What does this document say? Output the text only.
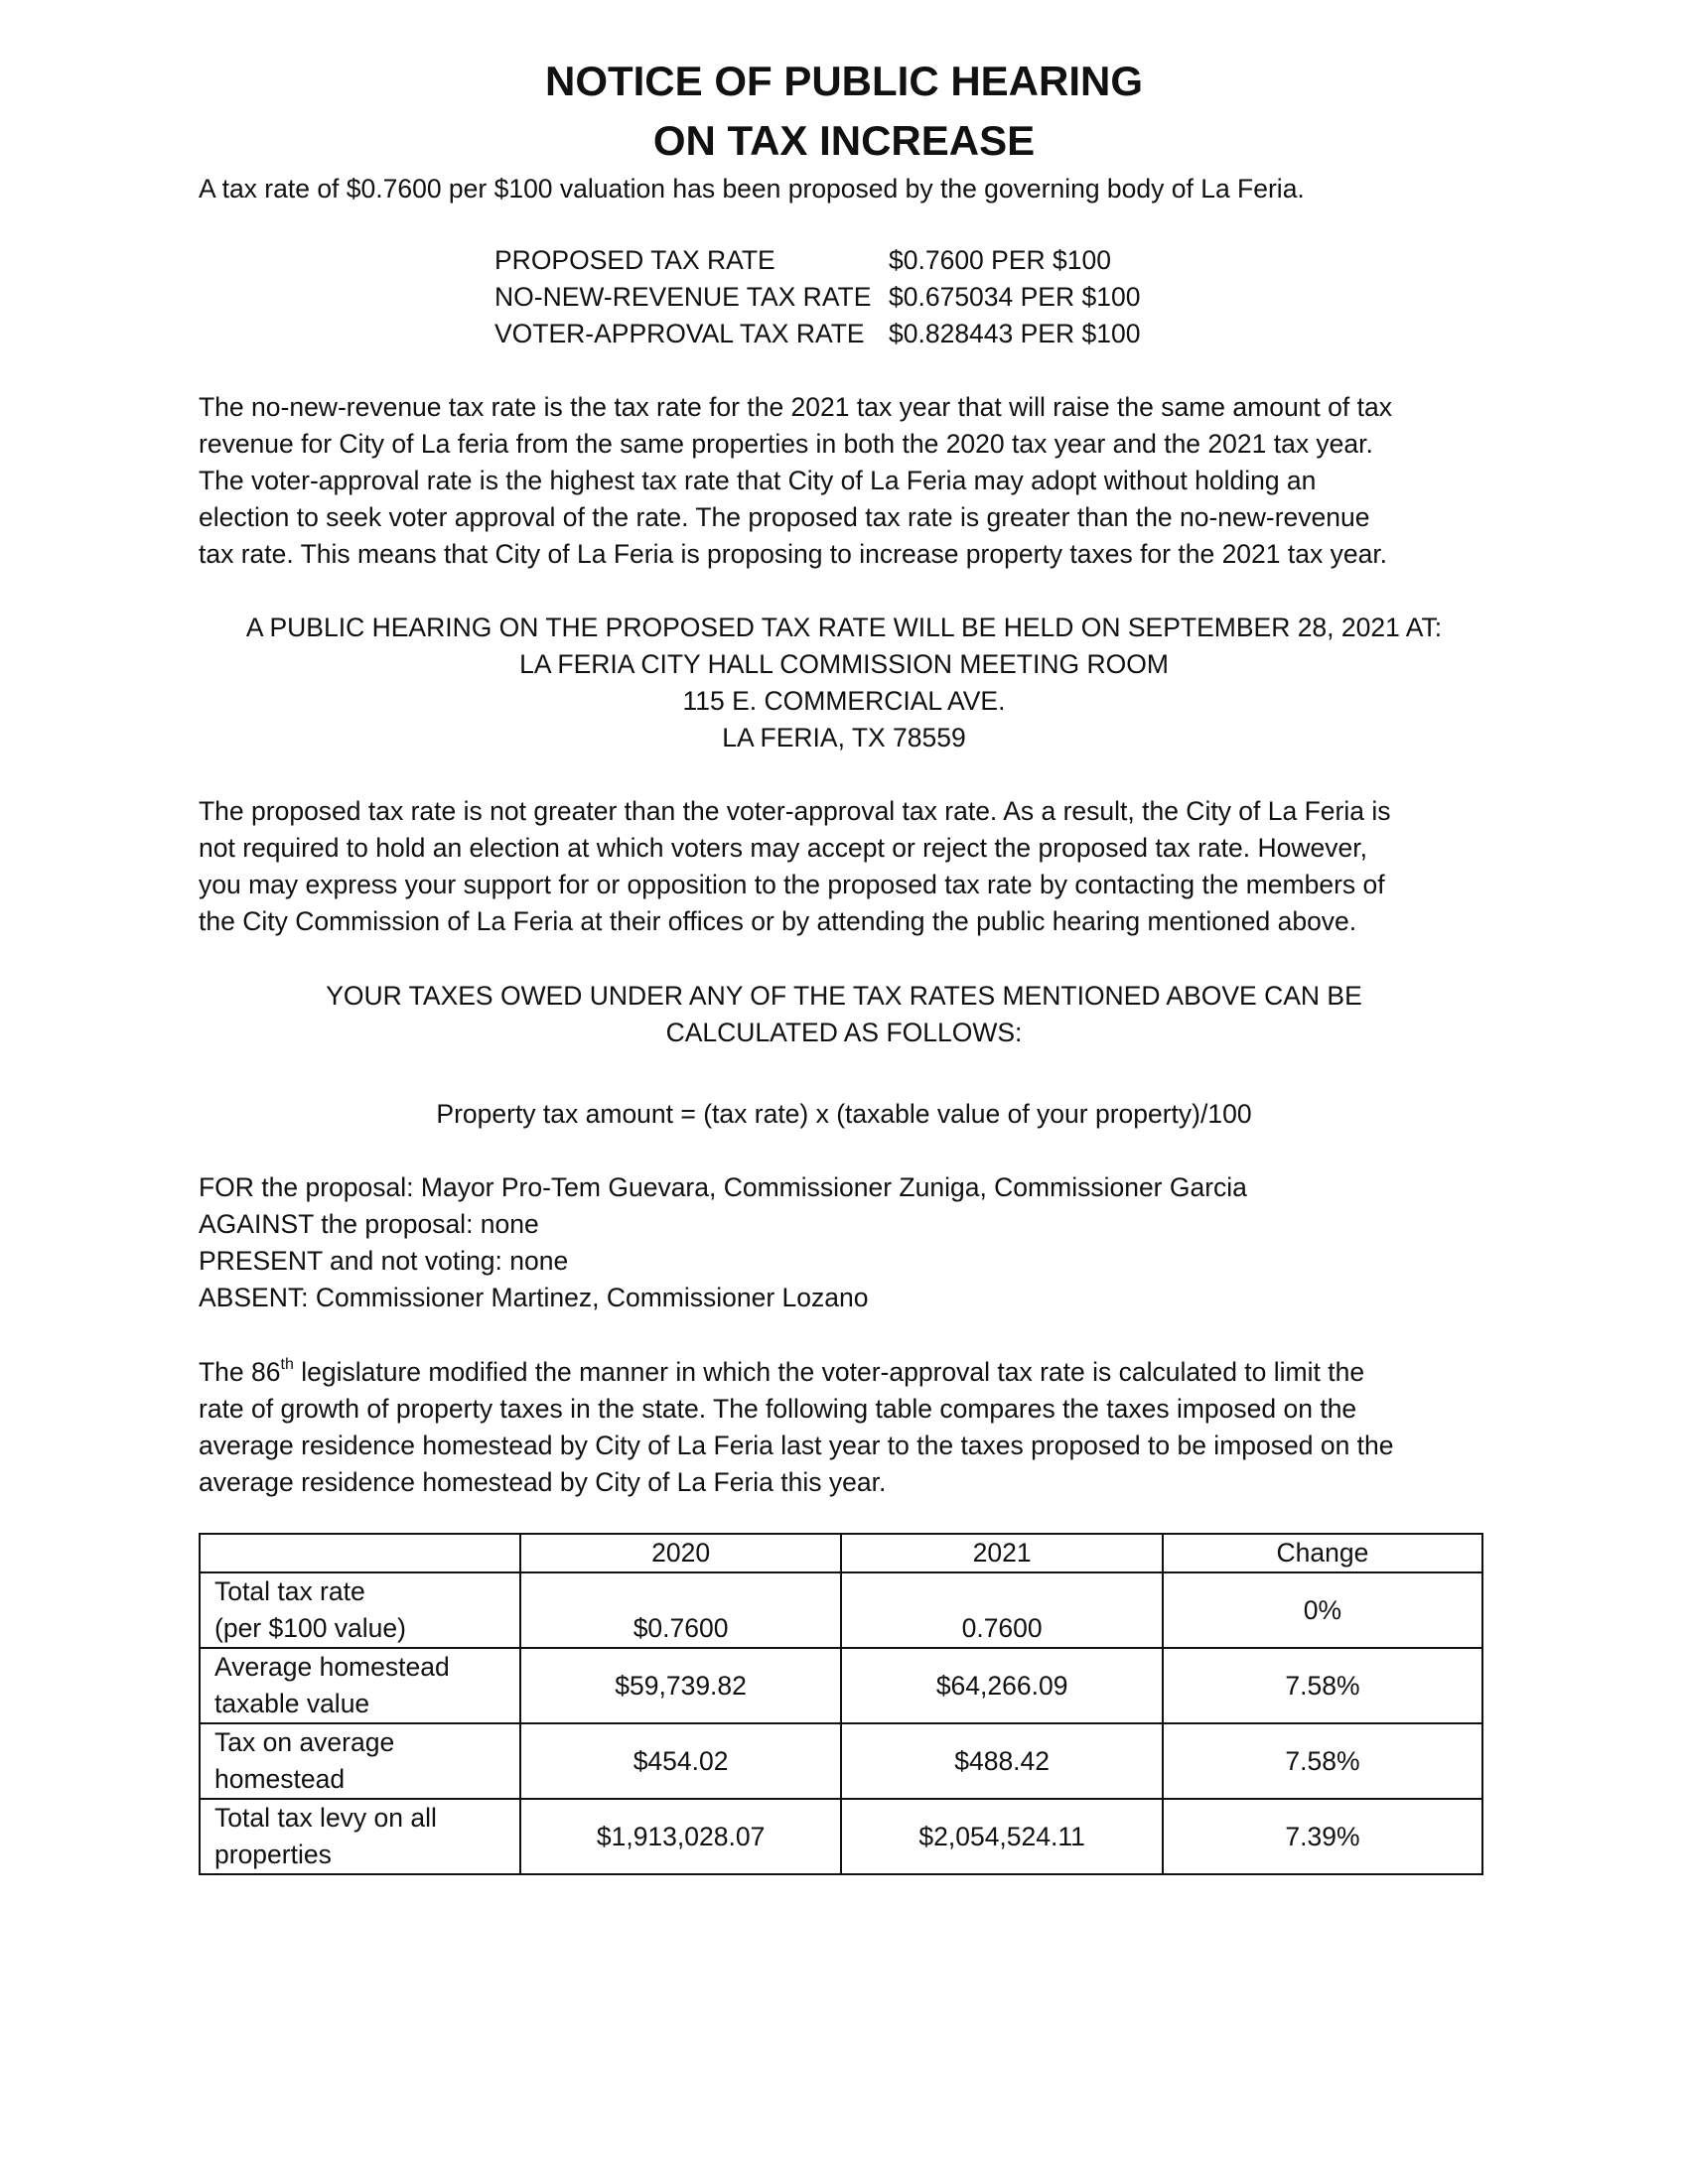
NOTICE OF PUBLIC HEARING
ON TAX INCREASE
A tax rate of $0.7600 per $100 valuation has been proposed by the governing body of La Feria.
PROPOSED TAX RATE	$0.7600 PER $100
NO-NEW-REVENUE TAX RATE $0.675034 PER $100
VOTER-APPROVAL TAX RATE $0.828443 PER $100
The no-new-revenue tax rate is the tax rate for the 2021 tax year that will raise the same amount of tax
revenue for City of La feria from the same properties in both the 2020 tax year and the 2021 tax year.
The voter-approval rate is the highest tax rate that City of La Feria may adopt without holding an
election to seek voter approval of the rate. The proposed tax rate is greater than the no-new-revenue
tax rate. This means that City of La Feria is proposing to increase property taxes for the 2021 tax year.
A PUBLIC HEARING ON THE PROPOSED TAX RATE WILL BE HELD ON SEPTEMBER 28, 2021 AT:
LA FERIA CITY HALL COMMISSION MEETING ROOM
115 E. COMMERCIAL AVE.
LA FERIA, TX 78559
The proposed tax rate is not greater than the voter-approval tax rate. As a result, the City of La Feria is
not required to hold an election at which voters may accept or reject the proposed tax rate. However,
you may express your support for or opposition to the proposed tax rate by contacting the members of
the City Commission of La Feria at their offices or by attending the public hearing mentioned above.
YOUR TAXES OWED UNDER ANY OF THE TAX RATES MENTIONED ABOVE CAN BE
CALCULATED AS FOLLOWS:
Property tax amount = (tax rate) x (taxable value of your property)/100
FOR the proposal: Mayor Pro-Tem Guevara, Commissioner Zuniga, Commissioner Garcia
AGAINST the proposal: none
PRESENT and not voting: none
ABSENT: Commissioner Martinez, Commissioner Lozano
The 86th legislature modified the manner in which the voter-approval tax rate is calculated to limit the
rate of growth of property taxes in the state. The following table compares the taxes imposed on the
average residence homestead by City of La Feria last year to the taxes proposed to be imposed on the
average residence homestead by City of La Feria this year.
	2020	2021	Change

Total tax rate
(per $100 value)	$0.7600	0.7600	0%

Average homestead
taxable value	$59,739.82	$64,266.09	7.58%

Tax on average
homestead	$454.02	$488.42	7.58%

Total tax levy on all
properties	$1,913,028.07	$2,054,524.11	7.39%
